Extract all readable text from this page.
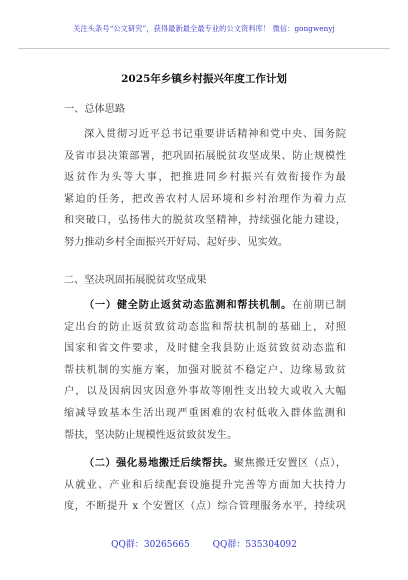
关注头条号“公文研究”，获得最新最全最专业的公文资料库！ 微信：gongwenyj
2025年乡镇乡村振兴年度工作计划
一、总体思路
深入贯彻习近平总书记重要讲话精神和党中央、国务院
及省市县决策部署，把巩固拓展脱贫攻坚成果、防止规模性
返贫作为头等大事，把推进同乡村振兴有效衔接作为最
紧迫的任务，把改善农村人居环境和乡村治理作为着力点
和突破口，弘扬伟大的脱贫攻坚精神，持续强化能力建设，
努力推动乡村全面振兴开好局、起好步、见实效。
二、坚决巩固拓展脱贫攻坚成果
（一）健全防止返贫动态监测和帮扶机制。在前期已制
定出台的防止返贫致贫动态监和帮扶机制的基础上，对照
国家和省文件要求，及时健全我县防止返贫致贫动态监和
帮扶机制的实施方案，加强对脱贫不稳定户、边缘易致贫
户，以及因病因灾因意外事故等刚性支出较大或收入大幅
缩减导致基本生活出现严重困难的农村低收入群体监测和
帮扶，坚决防止规模性返贫致贫发生。
（二）强化易地搬迁后续帮扶。聚焦搬迁安置区（点），
从就业、产业和后续配套设施提升完善等方面加大扶持力
度，不断提升 x 个安置区（点）综合管理服务水平，持续巩
QQ群：30265665	QQ群：535304092
